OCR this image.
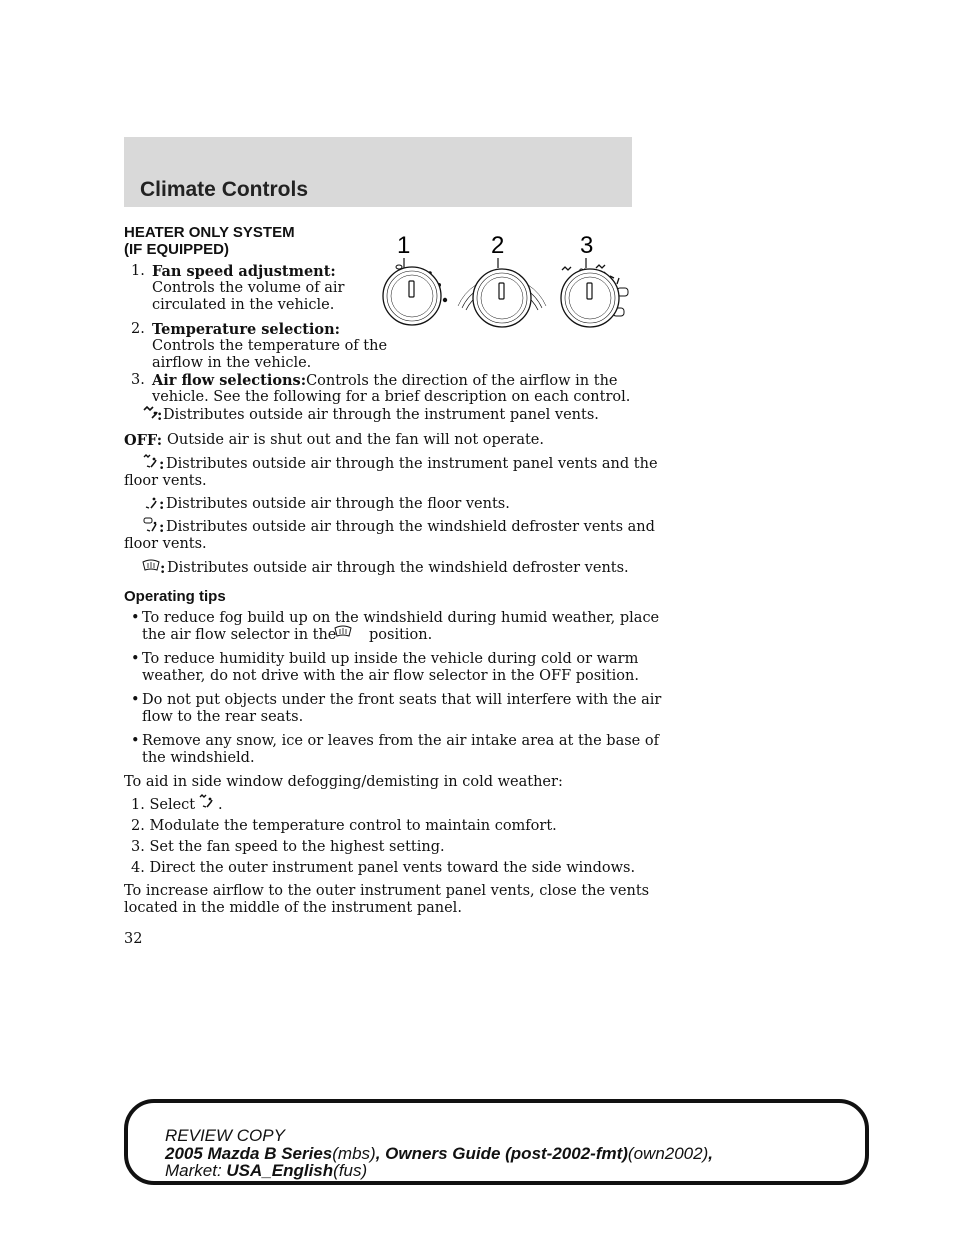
Climate Controls
HEATER ONLY SYSTEM
(IF EQUIPPED)
1. Fan speed adjustment:
Controls the volume of air
circulated in the vehicle.
2. Temperature selection:
Controls the temperature of the
airflow in the vehicle.
3. Air flow selections:Controls the direction of the airflow in the
vehicle. See the following for a brief description on each control.
1	2	3
: Distributes outside air through the instrument panel vents.
OFF: Outside air is shut out and the fan will not operate.
: Distributes outside air through the instrument panel vents and the
floor vents.
: Distributes outside air through the floor vents.
: Distributes outside air through the windshield defroster vents and
floor vents.
: Distributes outside air through the windshield defroster vents.
Operating tips
• To reduce fog build up on the windshield during humid weather, place
the air flow selector in the position.
• To reduce humidity build up inside the vehicle during cold or warm
weather, do not drive with the air flow selector in the OFF position.
• Do not put objects under the front seats that will interfere with the air
flow to the rear seats.
• Remove any snow, ice or leaves from the air intake area at the base of
the windshield.
To aid in side window defogging/demisting in cold weather:
1. Select .
2. Modulate the temperature control to maintain comfort.
3. Set the fan speed to the highest setting.
4. Direct the outer instrument panel vents toward the side windows.
To increase airflow to the outer instrument panel vents, close the vents
located in the middle of the instrument panel.
32
REVIEW COPY
2005 Mazda B Series(mbs), Owners Guide (post-2002-fmt)(own2002),
Market: USA_English(fus)
